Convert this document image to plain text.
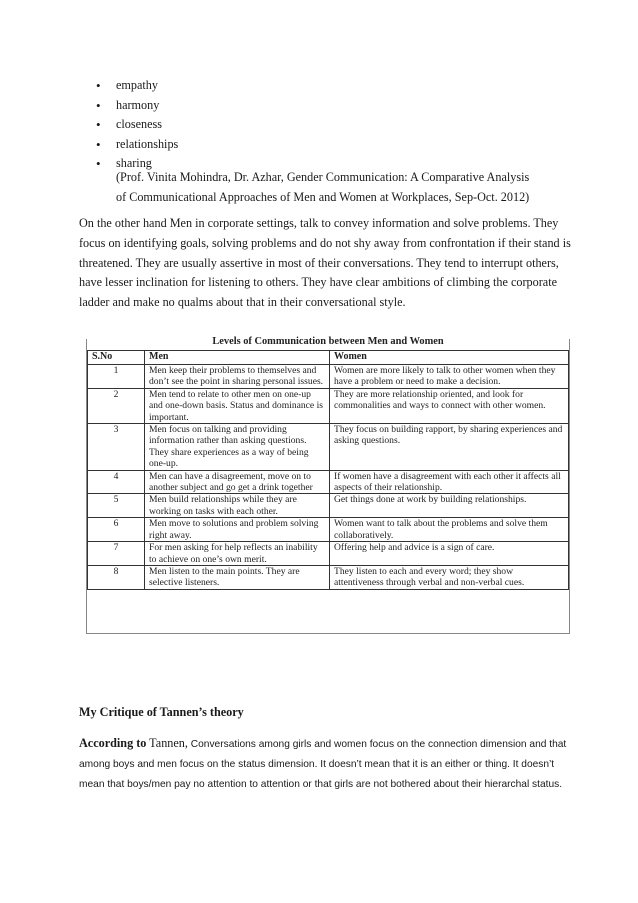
• empathy
• harmony
• closeness
• relationships
• sharing
(Prof. Vinita Mohindra, Dr. Azhar, Gender Communication: A Comparative Analysis
of Communicational Approaches of Men and Women at Workplaces, Sep-Oct. 2012)

On the other hand Men in corporate settings, talk to convey information and solve problems. They focus on identifying goals, solving problems and do not shy away from confrontation if their stand is threatened. They are usually assertive in most of their conversations. They tend to interrupt others, have lesser inclination for listening to others. They have clear ambitions of climbing the corporate ladder and make no qualms about that in their conversational style.

Levels of Communication between Men and Women
S.No	Men	Women
1	Men keep their problems to themselves and don’t see the point in sharing personal issues.	Women are more likely to talk to other women when they have a problem or need to make a decision.
2	Men tend to relate to other men on one-up and one-down basis. Status and dominance is important.	They are more relationship oriented, and look for commonalities and ways to connect with other women.
3	Men focus on talking and providing information rather than asking questions. They share experiences as a way of being one-up.	They focus on building rapport, by sharing experiences and asking questions.
4	Men can have a disagreement, move on to another subject and go get a drink together	If women have a disagreement with each other it affects all aspects of their relationship.
5	Men build relationships while they are working on tasks with each other.	Get things done at work by building relationships.
6	Men move to solutions and problem solving right away.	Women want to talk about the problems and solve them collaboratively.
7	For men asking for help reflects an inability to achieve on one’s own merit.	Offering help and advice is a sign of care.
8	Men listen to the main points. They are selective listeners.	They listen to each and every word; they show attentiveness through verbal and non-verbal cues.
My Critique of Tannen’s theory

According to Tannen, Conversations among girls and women focus on the connection dimension and that among boys and men focus on the status dimension. It doesn’t mean that it is an either or thing. It doesn’t mean that boys/men pay no attention to attention or that girls are not bothered about their hierarchal status.
